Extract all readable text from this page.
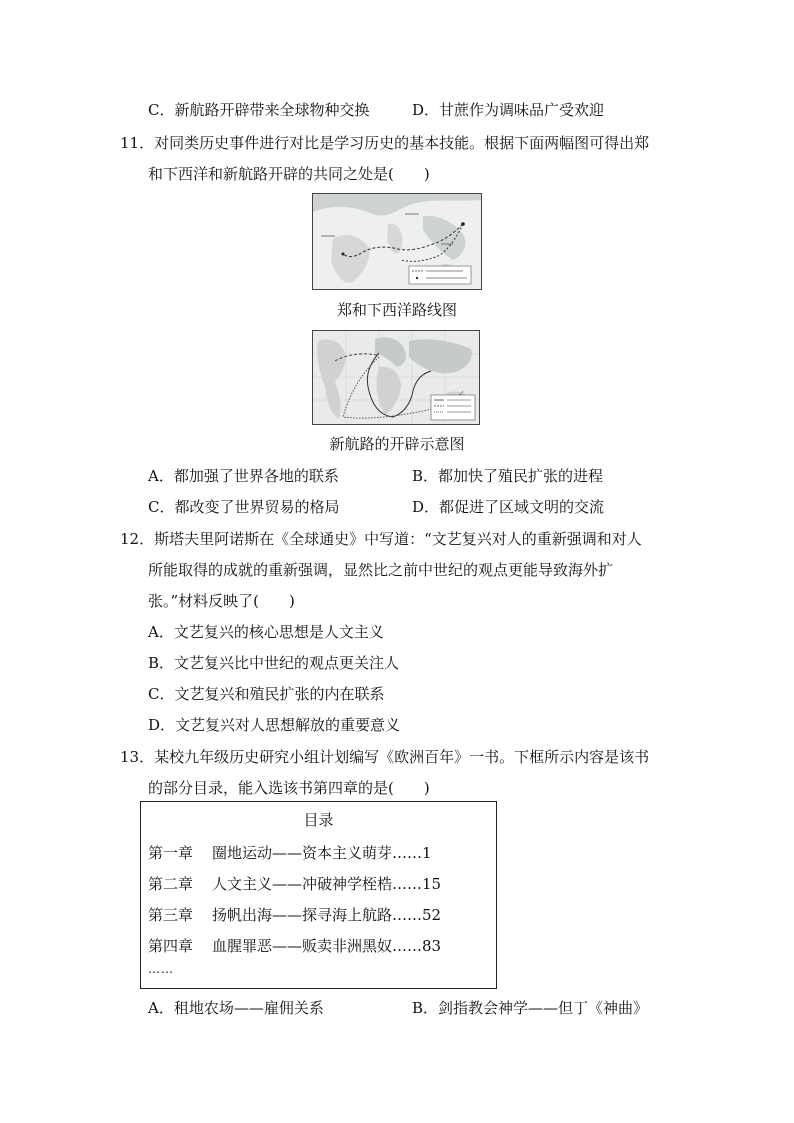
C．新航路开辟带来全球物种交换	D．甘蔗作为调味品广受欢迎
11．对同类历史事件进行对比是学习历史的基本技能。根据下面两幅图可得出郑
和下西洋和新航路开辟的共同之处是(　　)
郑和下西洋路线图
新航路的开辟示意图
A．都加强了世界各地的联系	B．都加快了殖民扩张的进程
C．都改变了世界贸易的格局	D．都促进了区域文明的交流
12．斯塔夫里阿诺斯在《全球通史》中写道：“文艺复兴对人的重新强调和对人
所能取得的成就的重新强调，显然比之前中世纪的观点更能导致海外扩
张。”材料反映了(　　)
A．文艺复兴的核心思想是人文主义
B．文艺复兴比中世纪的观点更关注人
C．文艺复兴和殖民扩张的内在联系
D．文艺复兴对人思想解放的重要意义
13．某校九年级历史研究小组计划编写《欧洲百年》一书。下框所示内容是该书
的部分目录，能入选该书第四章的是(　　)
目录
第一章 圈地运动——资本主义萌芽……1
第二章 人文主义——冲破神学桎梏……15
第三章 扬帆出海——探寻海上航路……52
第四章 血腥罪恶——贩卖非洲黑奴……83
……
A．租地农场——雇佣关系	B．剑指教会神学——但丁《神曲》
